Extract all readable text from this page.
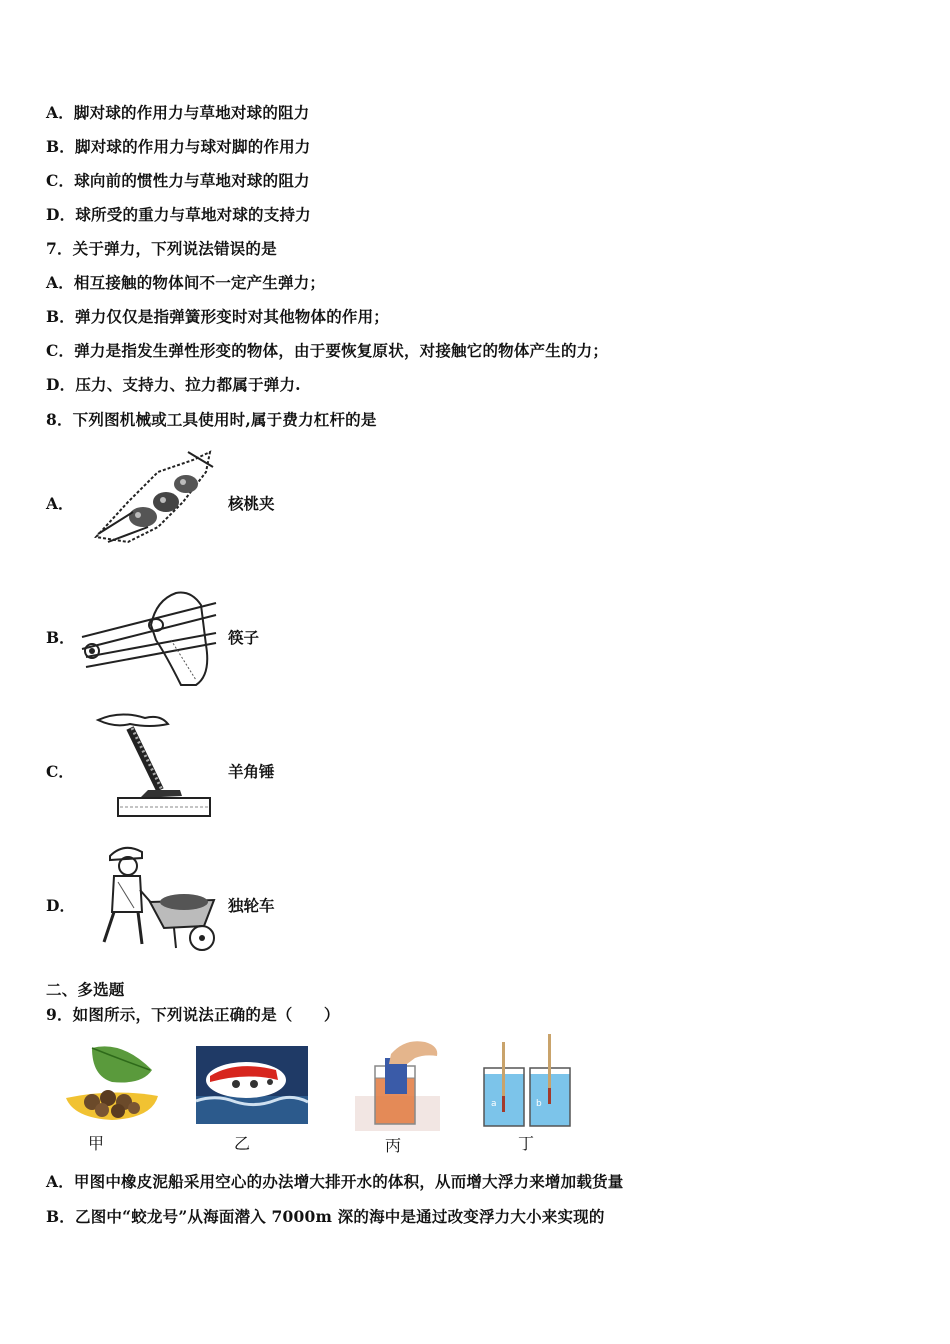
A．脚对球的作用力与草地对球的阻力
B．脚对球的作用力与球对脚的作用力
C．球向前的惯性力与草地对球的阻力
D．球所受的重力与草地对球的支持力
7．关于弹力，下列说法错误的是
A．相互接触的物体间不一定产生弹力；
B．弹力仅仅是指弹簧形变时对其他物体的作用；
C．弹力是指发生弹性形变的物体，由于要恢复原状，对接触它的物体产生的力；
D．压力、支持力、拉力都属于弹力.
8．下列图机械或工具使用时,属于费力杠杆的是
A．	核桃夹
B．	筷子
C．	羊角锤
D．	独轮车
二、多选题
9．如图所示，下列说法正确的是（　　）
甲	乙	丙
a	b
丁
A．甲图中橡皮泥船采用空心的办法增大排开水的体积，从而增大浮力来增加载货量
B．乙图中“蛟龙号”从海面潜入 7000m 深的海中是通过改变浮力大小来实现的
